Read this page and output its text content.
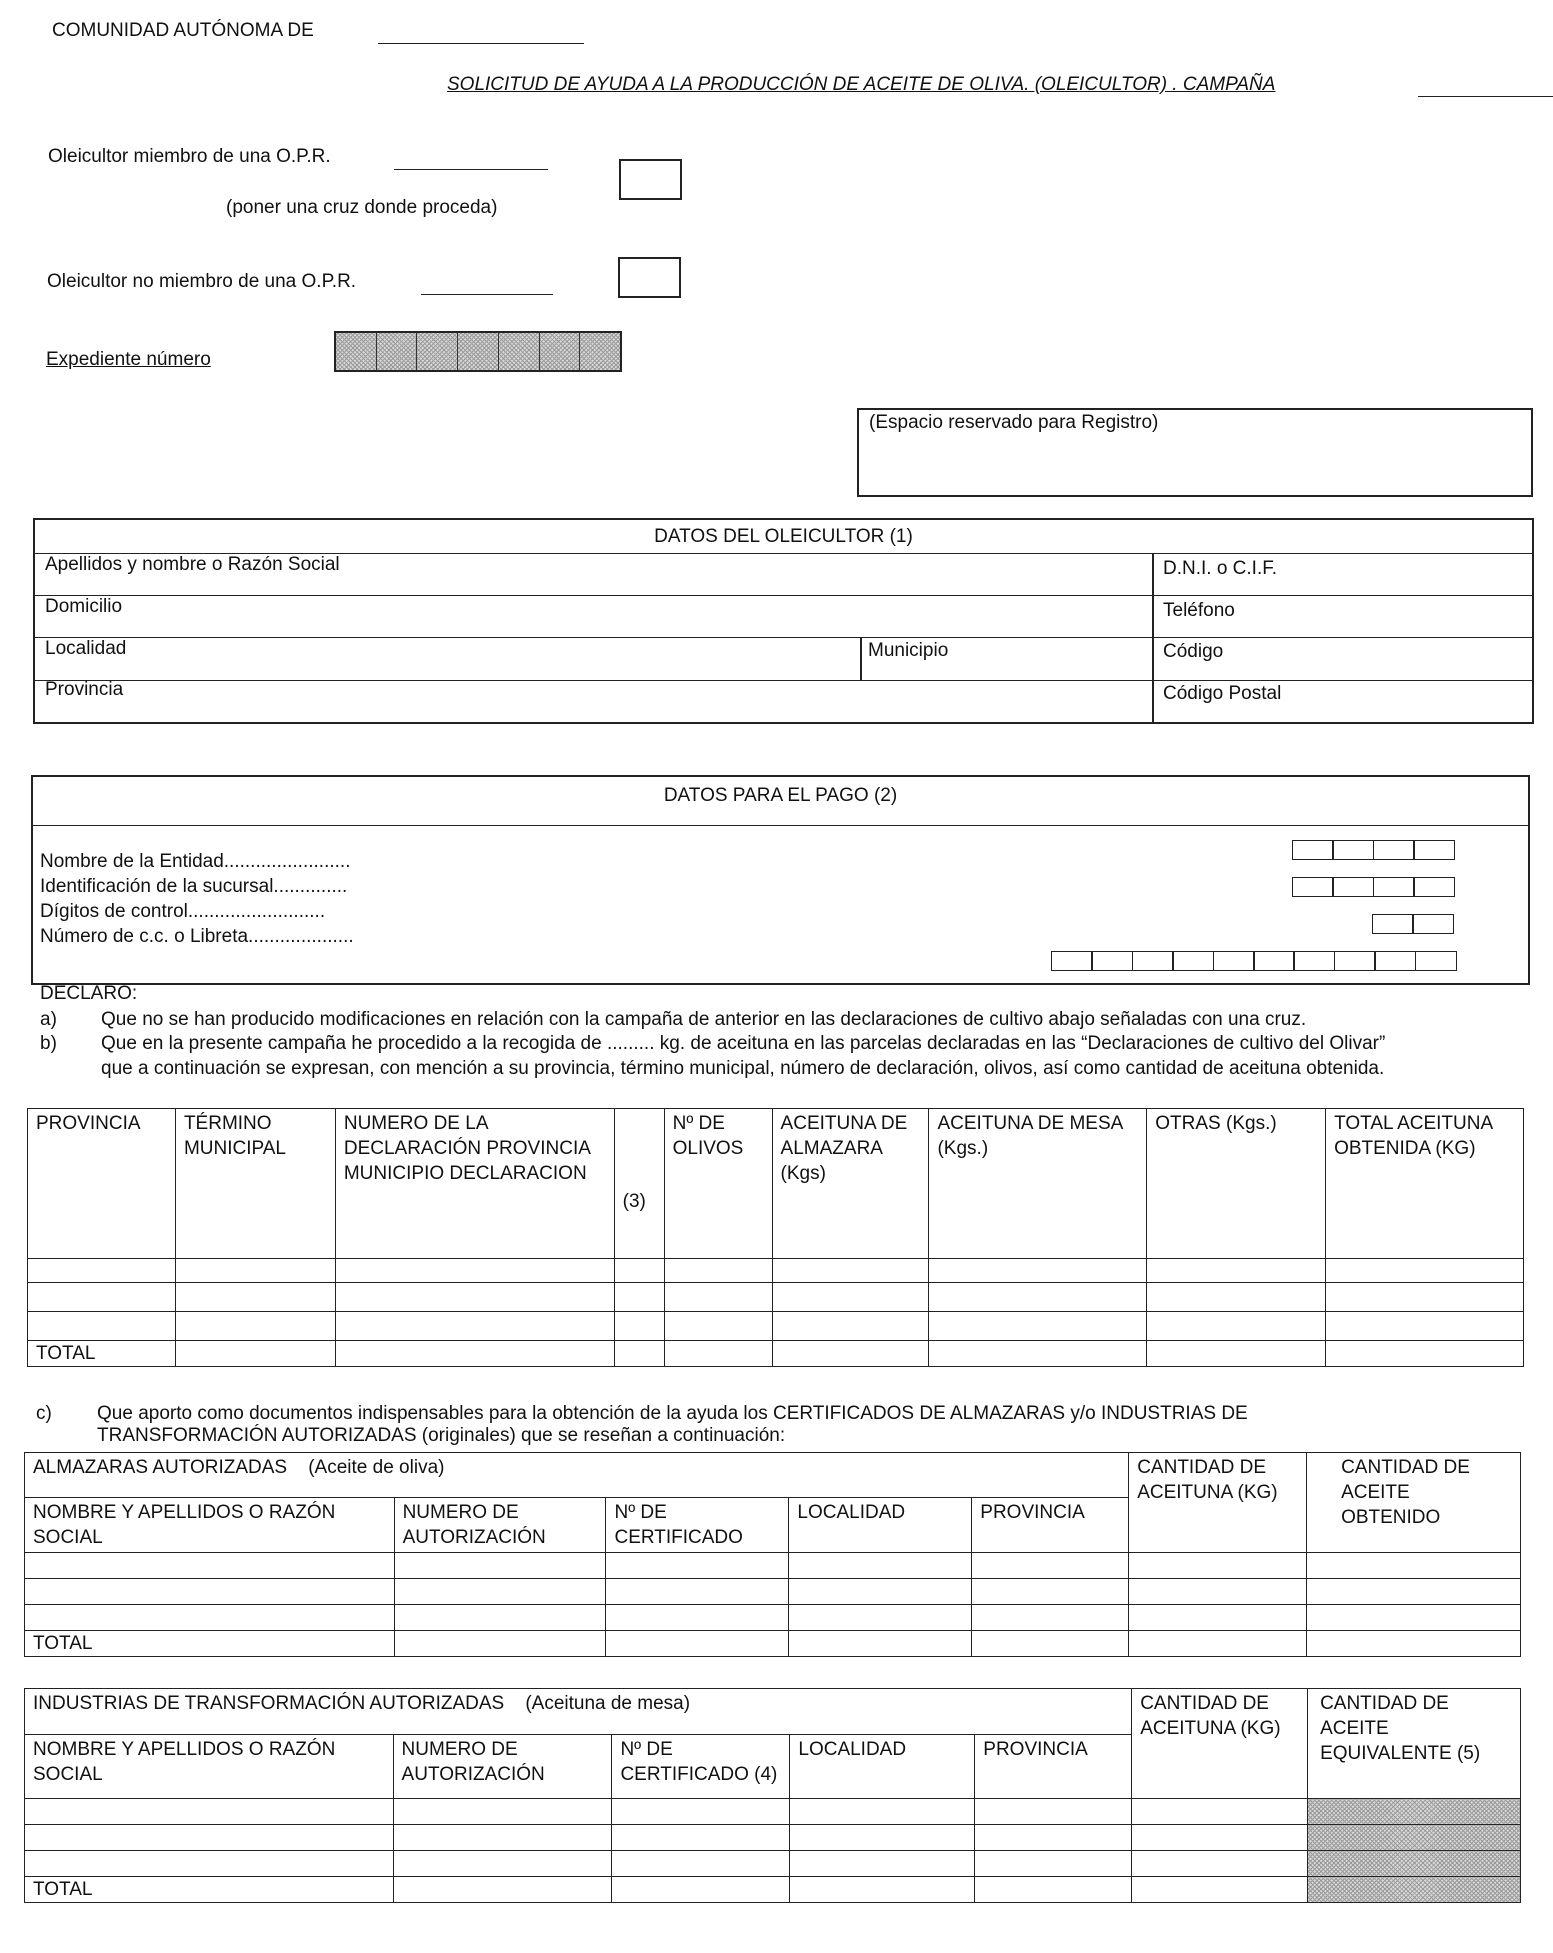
COMUNIDAD AUTÓNOMA DE
SOLICITUD DE AYUDA A LA PRODUCCIÓN DE ACEITE DE OLIVA. (OLEICULTOR) . CAMPAÑA
Oleicultor miembro de una O.P.R.
(poner una cruz donde proceda)
Oleicultor no miembro de una O.P.R.
Expediente número
(Espacio reservado para Registro)
DATOS DEL OLEICULTOR (1)
Apellidos y nombre o Razón Social	D.N.I. o C.I.F.
Domicilio	Teléfono
Localidad	Municipio	Código
Provincia	Código Postal
DATOS PARA EL PAGO (2)
Nombre de la Entidad........................
Identificación de la sucursal..............
Dígitos de control..........................
Número de c.c. o Libreta....................
DECLARO:
a) Que no se han producido modificaciones en relación con la campaña de anterior en las declaraciones de cultivo abajo señaladas con una cruz.
b) Que en la presente campaña he procedido a la recogida de ......... kg. de aceituna en las parcelas declaradas en las “Declaraciones de cultivo del Olivar”
que a continuación se expresan, con mención a su provincia, término municipal, número de declaración, olivos, así como cantidad de aceituna obtenida.
PROVINCIA	TÉRMINO MUNICIPAL	NUMERO DE LA DECLARACIÓN PROVINCIA MUNICIPIO DECLARACION	(3)	Nº DE OLIVOS	ACEITUNA DE ALMAZARA (Kgs)	ACEITUNA DE MESA (Kgs.)	OTRAS (Kgs.)	TOTAL ACEITUNA OBTENIDA (KG)

TOTAL								
c) Que aporto como documentos indispensables para la obtención de la ayuda los CERTIFICADOS DE ALMAZARAS y/o INDUSTRIAS DE
TRANSFORMACIÓN AUTORIZADAS (originales) que se reseñan a continuación:
ALMAZARAS AUTORIZADAS (Aceite de oliva)					CANTIDAD DE ACEITUNA (KG)	CANTIDAD DE ACEITE OBTENIDO
NOMBRE Y APELLIDOS O RAZÓN SOCIAL	NUMERO DE AUTORIZACIÓN	Nº DE CERTIFICADO	LOCALIDAD	PROVINCIA		

TOTAL						
INDUSTRIAS DE TRANSFORMACIÓN AUTORIZADAS (Aceituna de mesa)					CANTIDAD DE ACEITUNA (KG)	CANTIDAD DE ACEITE EQUIVALENTE (5)
NOMBRE Y APELLIDOS O RAZÓN SOCIAL	NUMERO DE AUTORIZACIÓN	Nº DE CERTIFICADO (4)	LOCALIDAD	PROVINCIA		

TOTAL						
